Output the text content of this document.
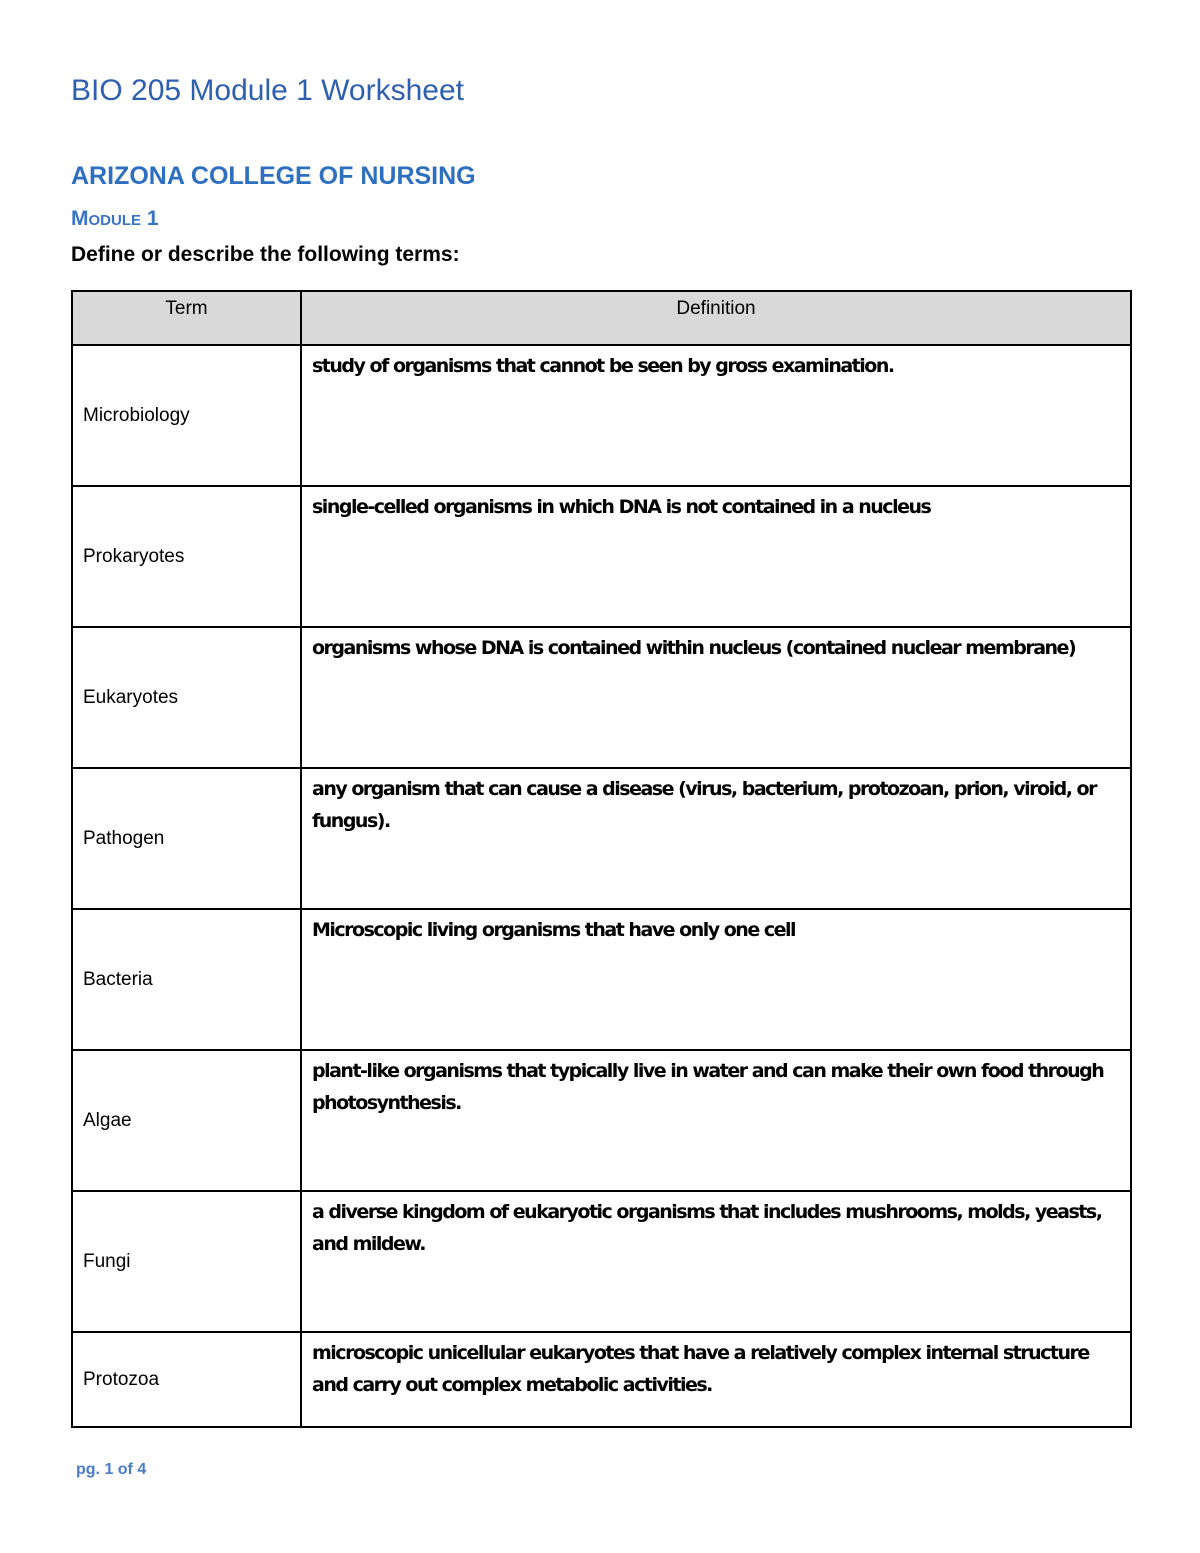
BIO 205 Module 1 Worksheet
ARIZONA COLLEGE OF NURSING
Module 1
Define or describe the following terms:
Term	Definition
Microbiology	study of organisms that cannot be seen by gross examination.
Prokaryotes	single-celled organisms in which DNA is not contained in a nucleus
Eukaryotes	organisms whose DNA is contained within nucleus (contained nuclear membrane)
Pathogen	any organism that can cause a disease (virus, bacterium, protozoan, prion, viroid, or fungus).
Bacteria	Microscopic living organisms that have only one cell
Algae	plant-like organisms that typically live in water and can make their own food through photosynthesis.
Fungi	a diverse kingdom of eukaryotic organisms that includes mushrooms, molds, yeasts, and mildew.
Protozoa	microscopic unicellular eukaryotes that have a relatively complex internal structure and carry out complex metabolic activities.
pg. 1 of 4
